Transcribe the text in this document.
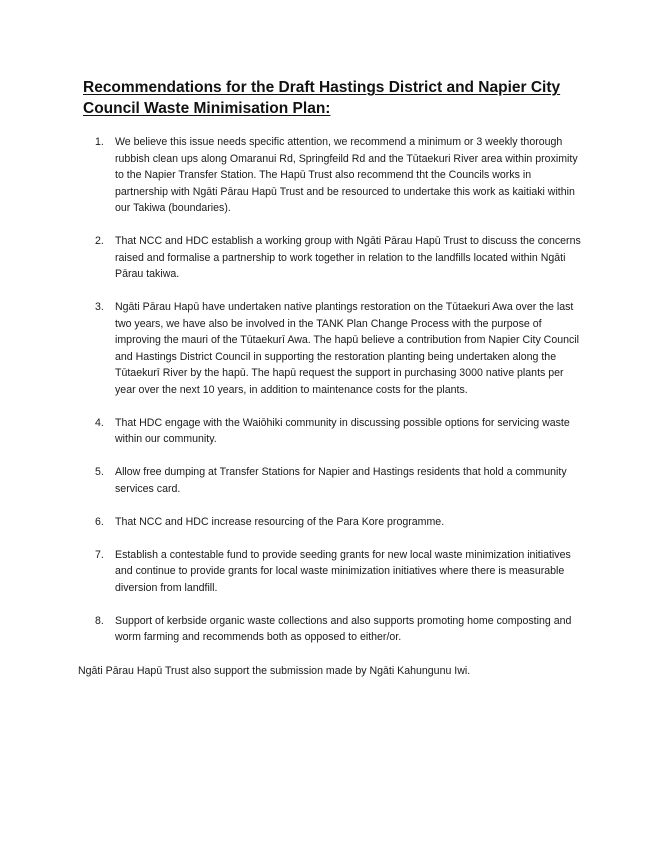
Recommendations for the Draft Hastings District and Napier City Council Waste Minimisation Plan:
1.	We believe this issue needs specific attention, we recommend a minimum or 3 weekly thorough rubbish clean ups along Omaranui Rd, Springfeild Rd and the Tūtaekuri River area within proximity to the Napier Transfer Station. The Hapū Trust also recommend tht the Councils works in partnership with Ngāti Pārau Hapū Trust and be resourced to undertake this work as kaitiaki within our Takiwa (boundaries).
2.	That NCC and HDC establish a working group with Ngāti Pārau Hapū Trust to discuss the concerns raised and formalise a partnership to work together in relation to the landfills located within Ngāti Pārau takiwa.
3.	Ngāti Pārau Hapū have undertaken native plantings restoration on the Tūtaekuri Awa over the last two years, we have also be involved in the TANK Plan Change Process with the purpose of improving the mauri of the Tūtaekurī Awa. The hapū believe a contribution from Napier City Council and Hastings District Council in supporting the restoration planting being undertaken along the Tūtaekurī River by the hapū. The hapū request the support in purchasing 3000 native plants per year over the next 10 years, in addition to maintenance costs for the plants.
4.	That HDC engage with the Waiōhiki community in discussing possible options for servicing waste within our community.
5.	Allow free dumping at Transfer Stations for Napier and Hastings residents that hold a community services card.
6.	That NCC and HDC increase resourcing of the Para Kore programme.
7.	Establish a contestable fund to provide seeding grants for new local waste minimization initiatives and continue to provide grants for local waste minimization initiatives where there is measurable diversion from landfill.
8.	Support of kerbside organic waste collections and also supports promoting home composting and worm farming and recommends both as opposed to either/or.

Ngāti Pārau Hapū Trust also support the submission made by Ngāti Kahungunu Iwi.
